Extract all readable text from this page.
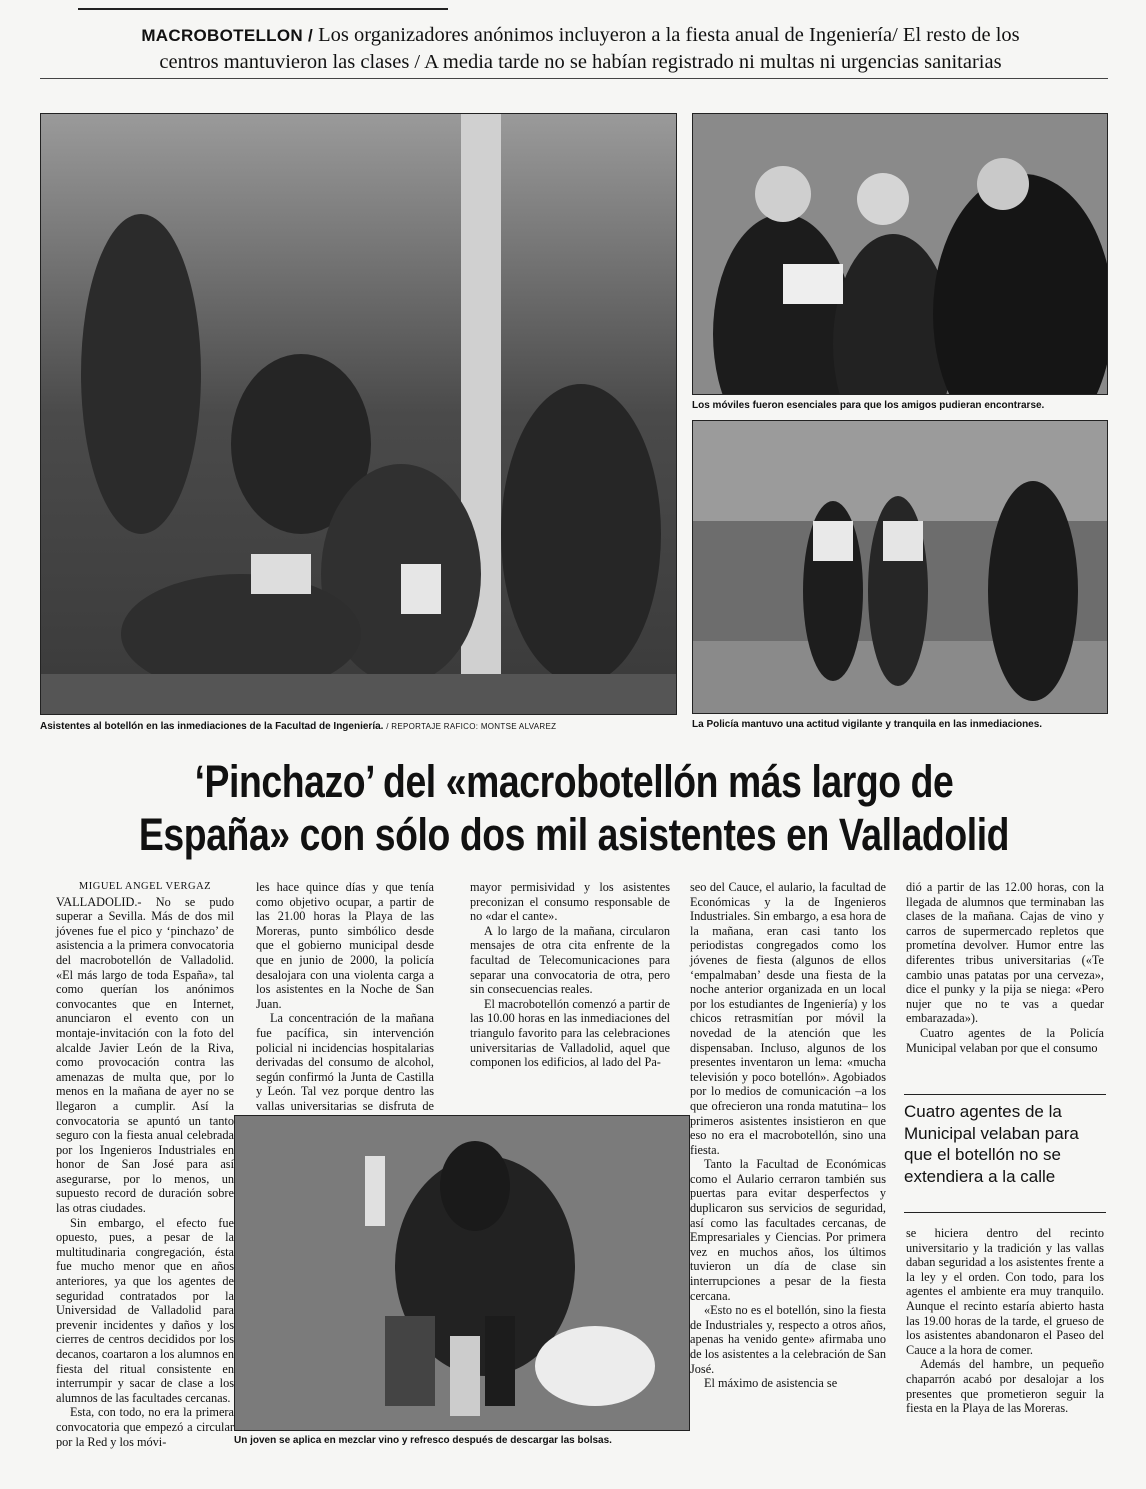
MACROBOTELLON / Los organizadores anónimos incluyeron a la fiesta anual de Ingeniería/ El resto de los
centros mantuvieron las clases / A media tarde no se habían registrado ni multas ni urgencias sanitarias
Asistentes al botellón en las inmediaciones de la Facultad de Ingeniería. / REPORTAJE RAFICO: MONTSE ALVAREZ
Los móviles fueron esenciales para que los amigos pudieran encontrarse.
La Policía mantuvo una actitud vigilante y tranquila en las inmediaciones.
‘Pinchazo’ del «macrobotellón más largo de
España» con sólo dos mil asistentes en Valladolid

MIGUEL ANGEL VERGAZ

VALLADOLID.- No se pudo superar a Sevilla. Más de dos mil jóvenes fue el pico y ‘pinchazo’ de asistencia a la primera convocatoria del macrobotellón de Valladolid. «El más largo de toda España», tal como querían los anónimos convocantes que en Internet, anunciaron el evento con un montaje-invitación con la foto del alcalde Javier León de la Riva, como provocación contra las amenazas de multa que, por lo menos en la mañana de ayer no se llegaron a cumplir. Así la convocatoria se apuntó un tanto seguro con la fiesta anual celebrada por los Ingenieros Industriales en honor de San José para así asegurarse, por lo menos, un supuesto record de duración sobre las otras ciudades.

Sin embargo, el efecto fue opuesto, pues, a pesar de la multitudinaria congregación, ésta fue mucho menor que en años anteriores, ya que los agentes de seguridad contratados por la Universidad de Valladolid para prevenir incidentes y daños y los cierres de centros decididos por los decanos, coartaron a los alumnos en fiesta del ritual consistente en interrumpir y sacar de clase a los alumnos de las facultades cercanas.

Esta, con todo, no era la primera convocatoria que empezó a circular por la Red y los móvi-

les hace quince días y que tenía como objetivo ocupar, a partir de las 21.00 horas la Playa de las Moreras, punto simbólico desde que el gobierno municipal desde que en junio de 2000, la policía desalojara con una violenta carga a los asistentes en la Noche de San Juan.

La concentración de la mañana fue pacífica, sin intervención policial ni incidencias hospitalarias derivadas del consumo de alcohol, según confirmó la Junta de Castilla y León. Tal vez porque dentro las vallas universitarias se disfruta de

mayor permisividad y los asistentes preconizan el consumo responsable de no «dar el cante».

A lo largo de la mañana, circularon mensajes de otra cita enfrente de la facultad de Telecomunicaciones para separar una convocatoria de otra, pero sin consecuencias reales.

El macrobotellón comenzó a partir de las 10.00 horas en las inmediaciones del triangulo favorito para las celebraciones universitarias de Valladolid, aquel que componen los edificios, al lado del Pa-

Un joven se aplica en mezclar vino y refresco después de descargar las bolsas.

seo del Cauce, el aulario, la facultad de Económicas y la de Ingenieros Industriales. Sin embargo, a esa hora de la mañana, eran casi tanto los periodistas congregados como los jóvenes de fiesta (algunos de ellos ‘empalmaban’ desde una fiesta de la noche anterior organizada en un local por los estudiantes de Ingeniería) y los chicos retrasmitían por móvil la novedad de la atención que les dispensaban. Incluso, algunos de los presentes inventaron un lema: «mucha televisión y poco botellón». Agobiados por lo medios de comunicación –a los que ofrecieron una ronda matutina– los primeros asistentes insistieron en que eso no era el macrobotellón, sino una fiesta.

Tanto la Facultad de Económicas como el Aulario cerraron también sus puertas para evitar desperfectos y duplicaron sus servicios de seguridad, así como las facultades cercanas, de Empresariales y Ciencias. Por primera vez en muchos años, los últimos tuvieron un día de clase sin interrupciones a pesar de la fiesta cercana.

«Esto no es el botellón, sino la fiesta de Industriales y, respecto a otros años, apenas ha venido gente» afirmaba uno de los asistentes a la celebración de San José.

El máximo de asistencia se

dió a partir de las 12.00 horas, con la llegada de alumnos que terminaban las clases de la mañana. Cajas de vino y carros de supermercado repletos que prometína devolver. Humor entre las diferentes tribus universitarias («Te cambio unas patatas por una cerveza», dice el punky y la pija se niega: «Pero nujer que no te vas a quedar embarazada»).

Cuatro agentes de la Policía Municipal velaban por que el consumo

Cuatro agentes de la Municipal velaban para que el botellón no se extendiera a la calle

se hiciera dentro del recinto universitario y la tradición y las vallas daban seguridad a los asistentes frente a la ley y el orden. Con todo, para los agentes el ambiente era muy tranquilo. Aunque el recinto estaría abierto hasta las 19.00 horas de la tarde, el grueso de los asistentes abandonaron el Paseo del Cauce a la hora de comer.

Además del hambre, un pequeño chaparrón acabó por desalojar a los presentes que prometieron seguir la fiesta en la Playa de las Moreras.
